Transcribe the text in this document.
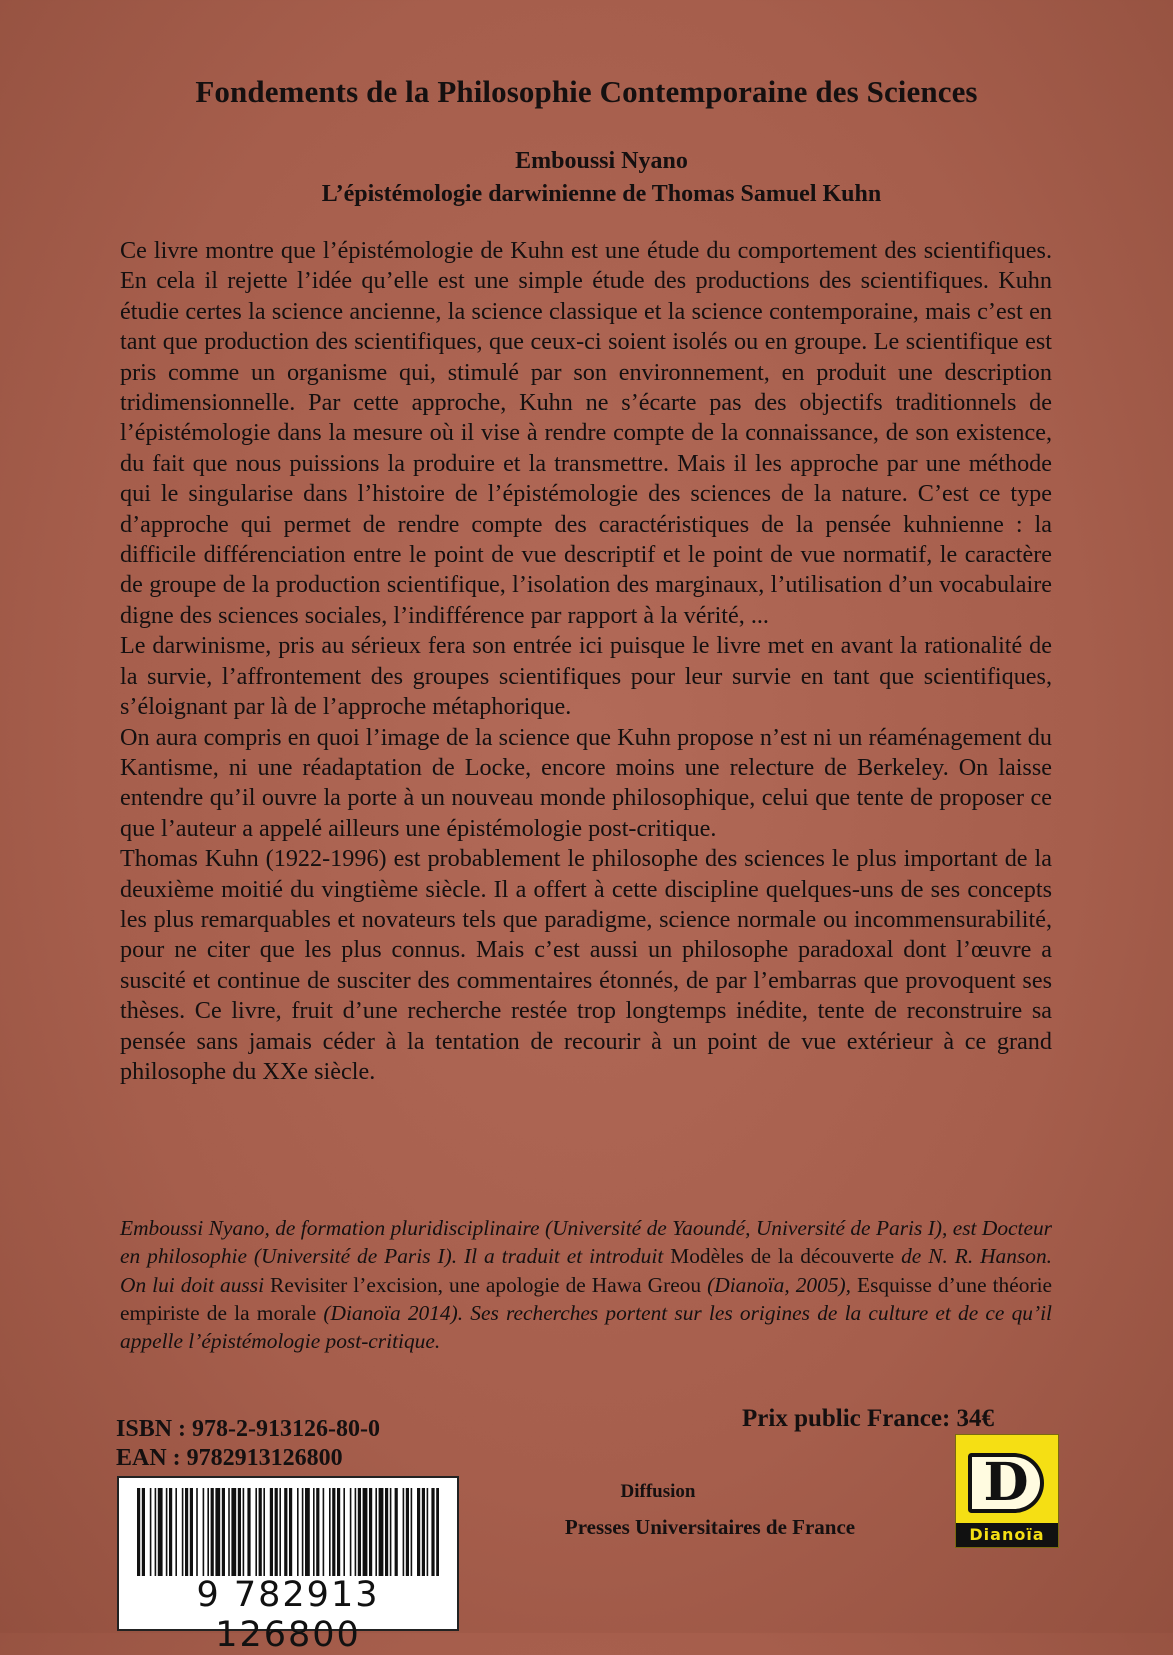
Fondements de la Philosophie Contemporaine des Sciences
Emboussi Nyano
L’épistémologie darwinienne de Thomas Samuel Kuhn

Ce livre montre que l’épistémologie de Kuhn est une étude du comportement des scientifiques. En cela il rejette l’idée qu’elle est une simple étude des productions des scientifiques. Kuhn étudie certes la science ancienne, la science classique et la science contemporaine, mais c’est en tant que production des scientifiques, que ceux-ci soient isolés ou en groupe. Le scientifique est pris comme un organisme qui, stimulé par son environnement, en produit une description tridimensionnelle. Par cette approche, Kuhn ne s’écarte pas des objectifs traditionnels de l’épistémologie dans la mesure où il vise à rendre compte de la connaissance, de son existence, du fait que nous puissions la produire et la transmettre. Mais il les approche par une méthode qui le singularise dans l’histoire de l’épistémologie des sciences de la nature. C’est ce type d’approche qui permet de rendre compte des caractéristiques de la pensée kuhnienne : la difficile différenciation entre le point de vue descriptif et le point de vue normatif, le caractère de groupe de la production scientifique, l’isolation des marginaux, l’utilisation d’un vocabulaire digne des sciences sociales, l’indifférence par rapport à la vérité, ...

Le darwinisme, pris au sérieux fera son entrée ici puisque le livre met en avant la rationalité de la survie, l’affrontement des groupes scientifiques pour leur survie en tant que scientifiques, s’éloignant par là de l’approche métaphorique.

On aura compris en quoi l’image de la science que Kuhn propose n’est ni un réaménagement du Kantisme, ni une réadaptation de Locke, encore moins une relecture de Berkeley. On laisse entendre qu’il ouvre la porte à un nouveau monde philosophique, celui que tente de proposer ce que l’auteur a appelé ailleurs une épistémologie post-critique.

Thomas Kuhn (1922-1996) est probablement le philosophe des sciences le plus important de la deuxième moitié du vingtième siècle. Il a offert à cette discipline quelques-uns de ses concepts les plus remarquables et novateurs tels que paradigme, science normale ou incommensurabilité, pour ne citer que les plus connus. Mais c’est aussi un philosophe paradoxal dont l’œuvre a suscité et continue de susciter des commentaires étonnés, de par l’embarras que provoquent ses thèses. Ce livre, fruit d’une recherche restée trop longtemps inédite, tente de reconstruire sa pensée sans jamais céder à la tentation de recourir à un point de vue extérieur à ce grand philosophe du XXe siècle.

Emboussi Nyano, de formation pluridisciplinaire (Université de Yaoundé, Université de Paris I), est Docteur en philosophie (Université de Paris I). Il a traduit et introduit Modèles de la découverte de N. R. Hanson. On lui doit aussi Revisiter l’excision, une apologie de Hawa Greou (Dianoïa, 2005), Esquisse d’une théorie empiriste de la morale (Dianoïa 2014). Ses recherches portent sur les origines de la culture et de ce qu’il appelle l’épistémologie post-critique.
ISBN : 978-2-913126-80-0
EAN : 9782913126800
Prix public France: 34€
9 782913 126800
Diffusion
Presses Universitaires de France
D
Dianoïa
